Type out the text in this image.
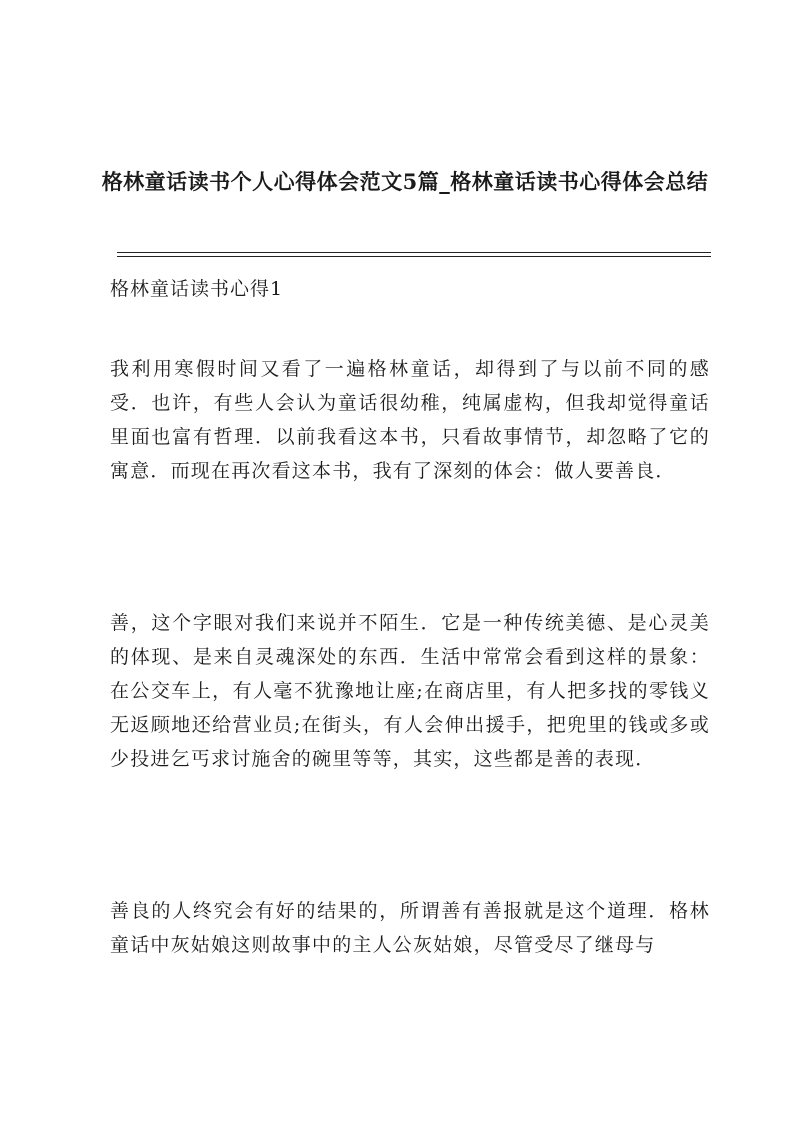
格林童话读书个人心得体会范文5篇_格林童话读书心得体会总结
格林童话读书心得1

我利用寒假时间又看了一遍格林童话，却得到了与以前不同的感受．也许，有些人会认为童话很幼稚，纯属虚构，但我却觉得童话里面也富有哲理．以前我看这本书，只看故事情节，却忽略了它的寓意．而现在再次看这本书，我有了深刻的体会：做人要善良．

善，这个字眼对我们来说并不陌生．它是一种传统美德、是心灵美的体现、是来自灵魂深处的东西．生活中常常会看到这样的景象：在公交车上，有人毫不犹豫地让座;在商店里，有人把多找的零钱义无返顾地还给营业员;在街头，有人会伸出援手，把兜里的钱或多或少投进乞丐求讨施舍的碗里等等，其实，这些都是善的表现．

善良的人终究会有好的结果的，所谓善有善报就是这个道理．格林童话中灰姑娘这则故事中的主人公灰姑娘，尽管受尽了继母与
